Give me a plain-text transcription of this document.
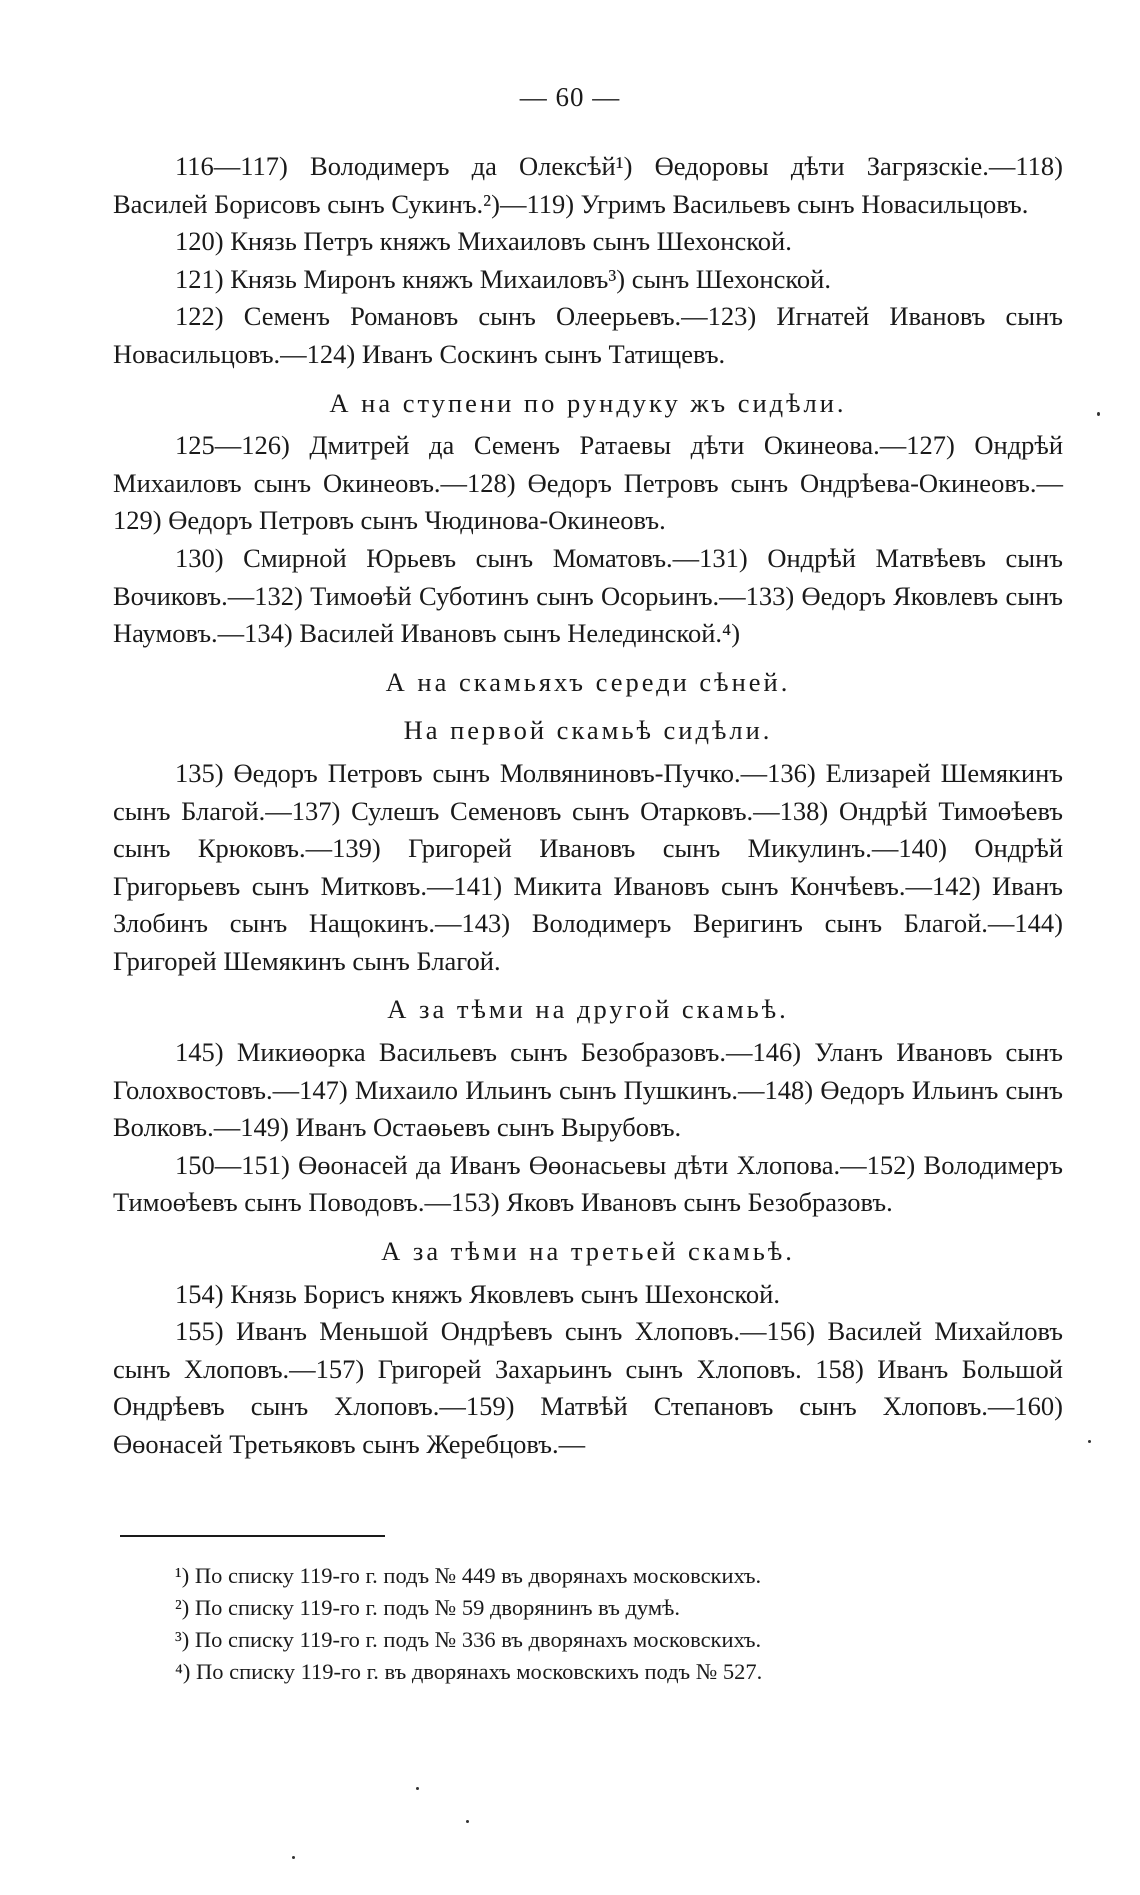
— 60 —

116—117) Володимеръ да Олексѣй¹) Өедоровы дѣти Загрязскіе.—118) Василей Борисовъ сынъ Сукинъ.²)—119) Угримъ Васильевъ сынъ Новасильцовъ.

120) Князь Петръ княжъ Михаиловъ сынъ Шехонской.

121) Князь Миронъ княжъ Михаиловъ³) сынъ Шехонской.

122) Семенъ Романовъ сынъ Олеерьевъ.—123) Игнатей Ивановъ сынъ Новасильцовъ.—124) Иванъ Соскинъ сынъ Татищевъ.

А на ступени по рундуку жъ сидѣли.

125—126) Дмитрей да Семенъ Ратаевы дѣти Окинеова.—127) Ондрѣй Михаиловъ сынъ Окинеовъ.—128) Өедоръ Петровъ сынъ Ондрѣева-Окинеовъ.—129) Өедоръ Петровъ сынъ Чюдинова-Окинеовъ.

130) Смирной Юрьевъ сынъ Моматовъ.—131) Ондрѣй Матвѣевъ сынъ Вочиковъ.—132) Тимоөѣй Суботинъ сынъ Осорьинъ.—133) Өедоръ Яковлевъ сынъ Наумовъ.—134) Василей Ивановъ сынъ Нелединской.⁴)

А на скамьяхъ середи сѣней.
На первой скамьѣ сидѣли.

135) Өедоръ Петровъ сынъ Молвяниновъ-Пучко.—136) Елизарей Шемякинъ сынъ Благой.—137) Сулешъ Семеновъ сынъ Отарковъ.—138) Ондрѣй Тимоөѣевъ сынъ Крюковъ.—139) Григорей Ивановъ сынъ Микулинъ.—140) Ондрѣй Григорьевъ сынъ Митковъ.—141) Микита Ивановъ сынъ Кончѣевъ.—142) Иванъ Злобинъ сынъ Нащокинъ.—143) Володимеръ Веригинъ сынъ Благой.—144) Григорей Шемякинъ сынъ Благой.

А за тѣми на другой скамьѣ.

145) Микиөорка Васильевъ сынъ Безобразовъ.—146) Уланъ Ивановъ сынъ Голохвостовъ.—147) Михаило Ильинъ сынъ Пушкинъ.—148) Өедоръ Ильинъ сынъ Волковъ.—149) Иванъ Остаөьевъ сынъ Вырубовъ.

150—151) Өөонасей да Иванъ Өөонасьевы дѣти Хлопова.—152) Володимеръ Тимоөѣевъ сынъ Поводовъ.—153) Яковъ Ивановъ сынъ Безобразовъ.

А за тѣми на третьей скамьѣ.

154) Князь Борисъ княжъ Яковлевъ сынъ Шехонской.

155) Иванъ Меньшой Ондрѣевъ сынъ Хлоповъ.—156) Василей Михайловъ сынъ Хлоповъ.—157) Григорей Захарьинъ сынъ Хлоповъ. 158) Иванъ Большой Ондрѣевъ сынъ Хлоповъ.—159) Матвѣй Степановъ сынъ Хлоповъ.—160) Өөонасей Третьяковъ сынъ Жеребцовъ.—

¹) По списку 119-го г. подъ № 449 въ дворянахъ московскихъ.
²) По списку 119-го г. подъ № 59 дворянинъ въ думѣ.
³) По списку 119-го г. подъ № 336 въ дворянахъ московскихъ.
⁴) По списку 119-го г. въ дворянахъ московскихъ подъ № 527.
